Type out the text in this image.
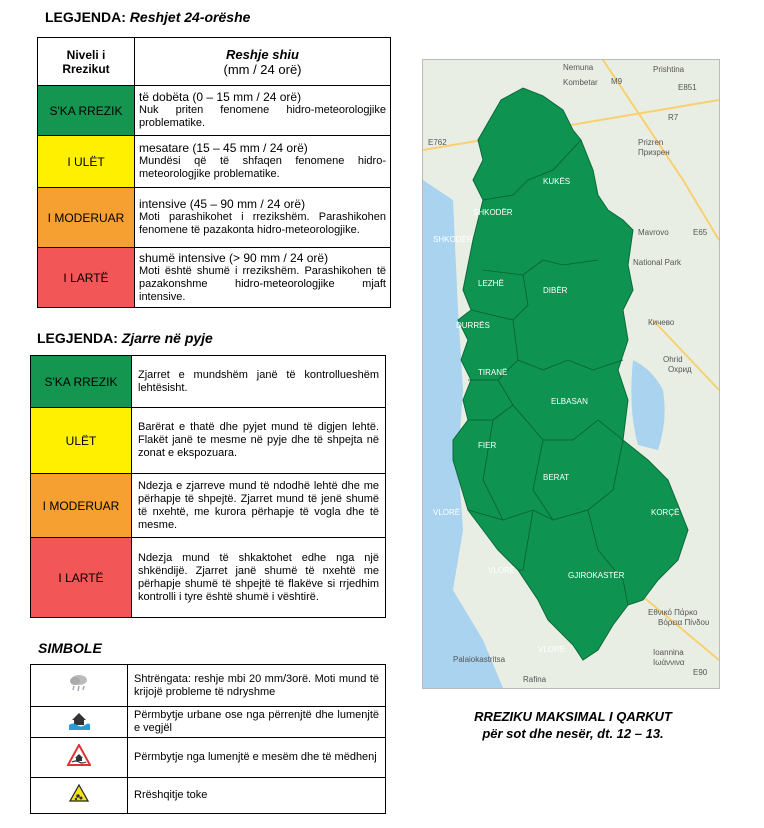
LEGJENDA: Reshjet 24-orëshe
Niveli i Rrezikut	Reshje shiu
(mm / 24 orë)
S'KA RREZIK	të dobëta (0 – 15 mm / 24 orë)
Nuk priten fenomene hidro-meteorologjike problematike.

I ULËT	mesatare (15 – 45 mm / 24 orë)
Mundësi që të shfaqen fenomene hidro-meteorologjike problematike.

I MODERUAR	intensive (45 – 90 mm / 24 orë)
Moti parashikohet i rrezikshëm. Parashikohen fenomene të pazakonta hidro-meteorologjike.

I LARTË	shumë intensive (> 90 mm / 24 orë)
Moti është shumë i rrezikshëm. Parashikohen të pazakonshme hidro-meteorologjike mjaft intensive.
LEGJENDA: Zjarre në pyje
S'KA RREZIK	Zjarret e mundshëm janë të kontrollueshëm lehtësisht.
ULËT	Barërat e thatë dhe pyjet mund të digjen lehtë. Flakët janë te mesme në pyje dhe të shpejta në zonat e ekspozuara.
I MODERUAR	Ndezja e zjarreve mund të ndodhë lehtë dhe me përhapje të shpejtë. Zjarret mund të jenë shumë të nxehtë, me kurora përhapje të vogla dhe të mesme.
I LARTË	Ndezja mund të shkaktohet edhe nga një shkëndijë. Zjarret janë shumë të nxehtë me përhapje shumë të shpejtë të flakëve si rrjedhim kontrolli i tyre është shumë i vështirë.
SIMBOLE
	Shtrëngata: reshje mbi 20 mm/3orë. Moti mund të krijojë probleme të ndryshme
	Përmbytje urbane ose nga përrenjtë dhe lumenjtë e vegjël
	Përmbytje nga lumenjtë e mesëm dhe të mëdhenj
	Rrëshqitje toke
KUKËS
SHKODËR
LEZHË
DIBËR
DURRËS
TIRANË
ELBASAN
FIER
BERAT
KORÇË
VLORË
VLORË
GJIROKASTËR
VLORË
SHKODËR
Nemuna	Prishtina
Kombetar
Prizren
Призрен
Mavrovo
National Park
Кичево
Ohrid
Охрид
Εθνικό Πάρκο
Βόρεια Πίνδου
Ioannina
Ιωάννινα
Palaiokastritsa
Rafina
M9
E851
R7
E65
E762
E90
RREZIKU MAKSIMAL I QARKUT
për sot dhe nesër, dt. 12 – 13.
